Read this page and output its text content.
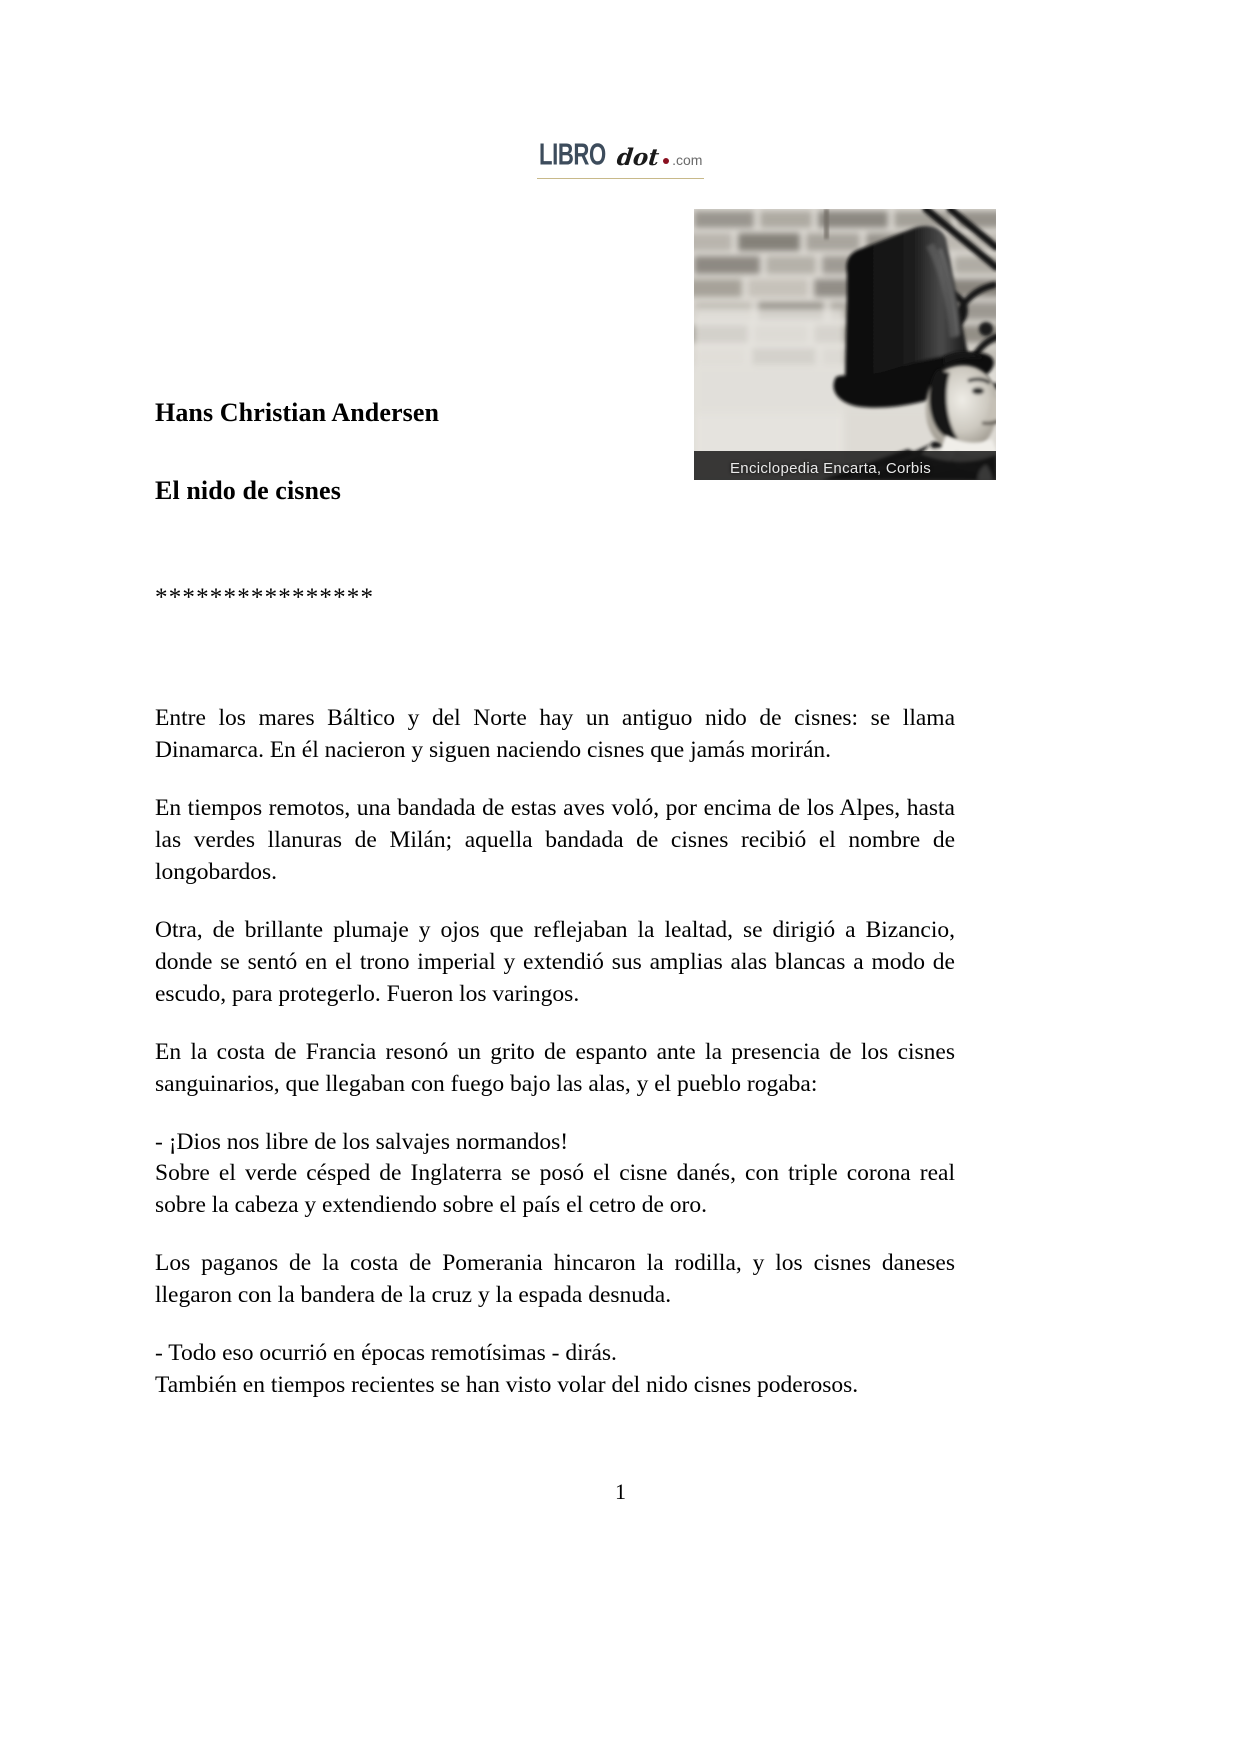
LIBRO dot .com
Enciclopedia Encarta, Corbis
Hans Christian Andersen
El nido de cisnes
****************

Entre los mares Báltico y del Norte hay un antiguo nido de cisnes: se llama Dinamarca. En él nacieron y siguen naciendo cisnes que jamás morirán.

En tiempos remotos, una bandada de estas aves voló, por encima de los Alpes, hasta las verdes llanuras de Milán; aquella bandada de cisnes recibió el nombre de longobardos.

Otra, de brillante plumaje y ojos que reflejaban la lealtad, se dirigió a Bizancio, donde se sentó en el trono imperial y extendió sus amplias alas blancas a modo de escudo, para protegerlo. Fueron los varingos.

En la costa de Francia resonó un grito de espanto ante la presencia de los cisnes sanguinarios, que llegaban con fuego bajo las alas, y el pueblo rogaba:

- ¡Dios nos libre de los salvajes normandos!

Sobre el verde césped de Inglaterra se posó el cisne danés, con triple corona real sobre la cabeza y extendiendo sobre el país el cetro de oro.

Los paganos de la costa de Pomerania hincaron la rodilla, y los cisnes daneses llegaron con la bandera de la cruz y la espada desnuda.

- Todo eso ocurrió en épocas remotísimas - dirás.

También en tiempos recientes se han visto volar del nido cisnes poderosos.

1
